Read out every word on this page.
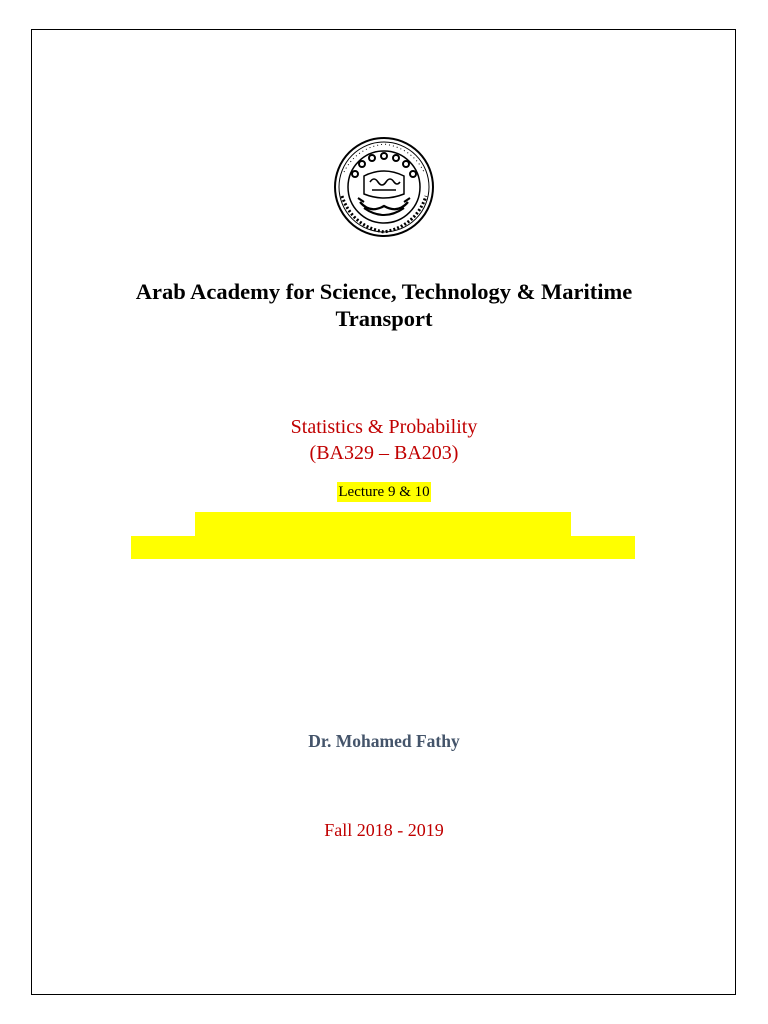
Arab Academy for Science, Technology & Maritime
Transport
Statistics & Probability
(BA329 – BA203)
Lecture 9 & 10
Dr. Mohamed Fathy
Fall 2018 - 2019
